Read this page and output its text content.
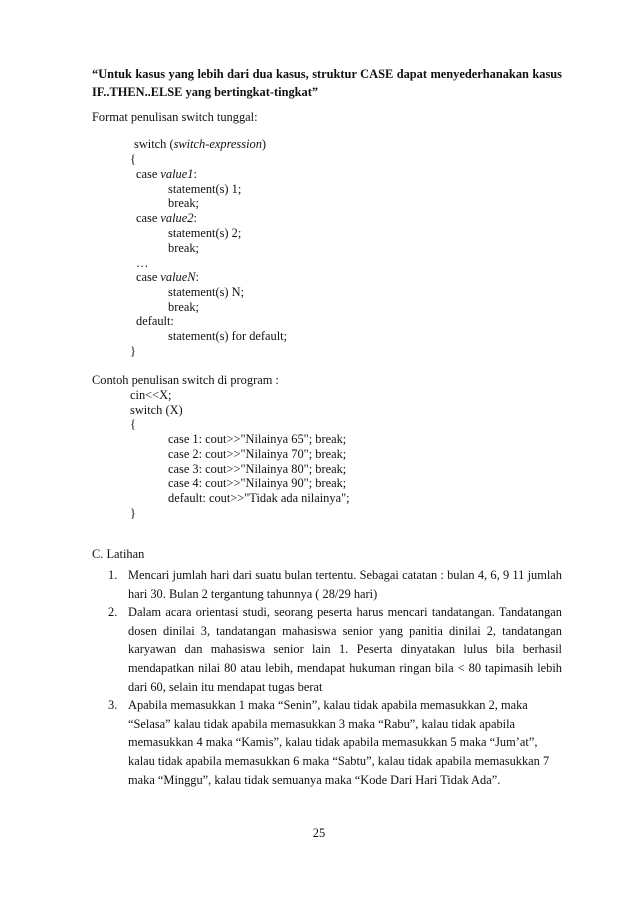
“Untuk kasus yang lebih dari dua kasus, struktur CASE dapat menyederhanakan kasus IF..THEN..ELSE yang bertingkat-tingkat”
Format penulisan switch tunggal:
switch (switch-expression)
{
case value1:
statement(s) 1;
break;
case value2:
statement(s) 2;
break;
…
case valueN:
statement(s) N;
break;
default:
statement(s) for default;
}
Contoh penulisan switch di program :
cin<<X;
switch (X)
{
case 1: cout>>"Nilainya 65"; break;
case 2: cout>>"Nilainya 70"; break;
case 3: cout>>"Nilainya 80"; break;
case 4: cout>>"Nilainya 90"; break;
default: cout>>"Tidak ada nilainya";
}
C. Latihan
1. Mencari jumlah hari dari suatu bulan tertentu. Sebagai catatan : bulan 4, 6, 9 11 jumlah hari 30. Bulan 2 tergantung tahunnya ( 28/29 hari)
2. Dalam acara orientasi studi, seorang peserta harus mencari tandatangan. Tandatangan dosen dinilai 3, tandatangan mahasiswa senior yang panitia dinilai 2, tandatangan karyawan dan mahasiswa senior lain 1. Peserta dinyatakan lulus bila berhasil mendapatkan nilai 80 atau lebih, mendapat hukuman ringan bila < 80 tapimasih lebih dari 60, selain itu mendapat tugas berat
3. Apabila memasukkan 1 maka “Senin”, kalau tidak apabila memasukkan 2, maka “Selasa” kalau tidak apabila memasukkan 3 maka “Rabu”, kalau tidak apabila memasukkan 4 maka “Kamis”, kalau tidak apabila memasukkan 5 maka “Jum’at”, kalau tidak apabila memasukkan 6 maka “Sabtu”, kalau tidak apabila memasukkan 7 maka “Minggu”, kalau tidak semuanya maka “Kode Dari Hari Tidak Ada”.
25
